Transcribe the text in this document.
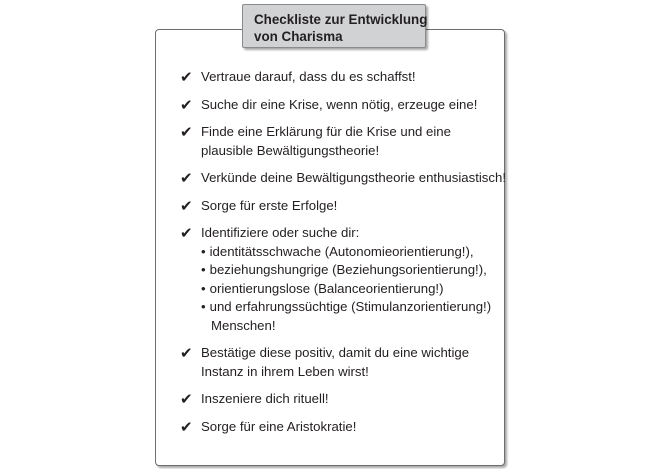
Checkliste zur Entwicklung
von Charisma
✔ Vertraue darauf, dass du es schaffst!
✔ Suche dir eine Krise, wenn nötig, erzeuge eine!
✔ Finde eine Erklärung für die Krise und eine
plausible Bewältigungstheorie!
✔ Verkünde deine Bewältigungstheorie enthusiastisch!
✔ Sorge für erste Erfolge!
✔ Identifiziere oder suche dir:
• identitätsschwache (Autonomieorientierung!),
• beziehungshungrige (Beziehungsorientierung!),
• orientierungslose (Balanceorientierung!)
• und erfahrungssüchtige (Stimulanzorientierung!)
Menschen!
✔ Bestätige diese positiv, damit du eine wichtige
Instanz in ihrem Leben wirst!
✔ Inszeniere dich rituell!
✔ Sorge für eine Aristokratie!
